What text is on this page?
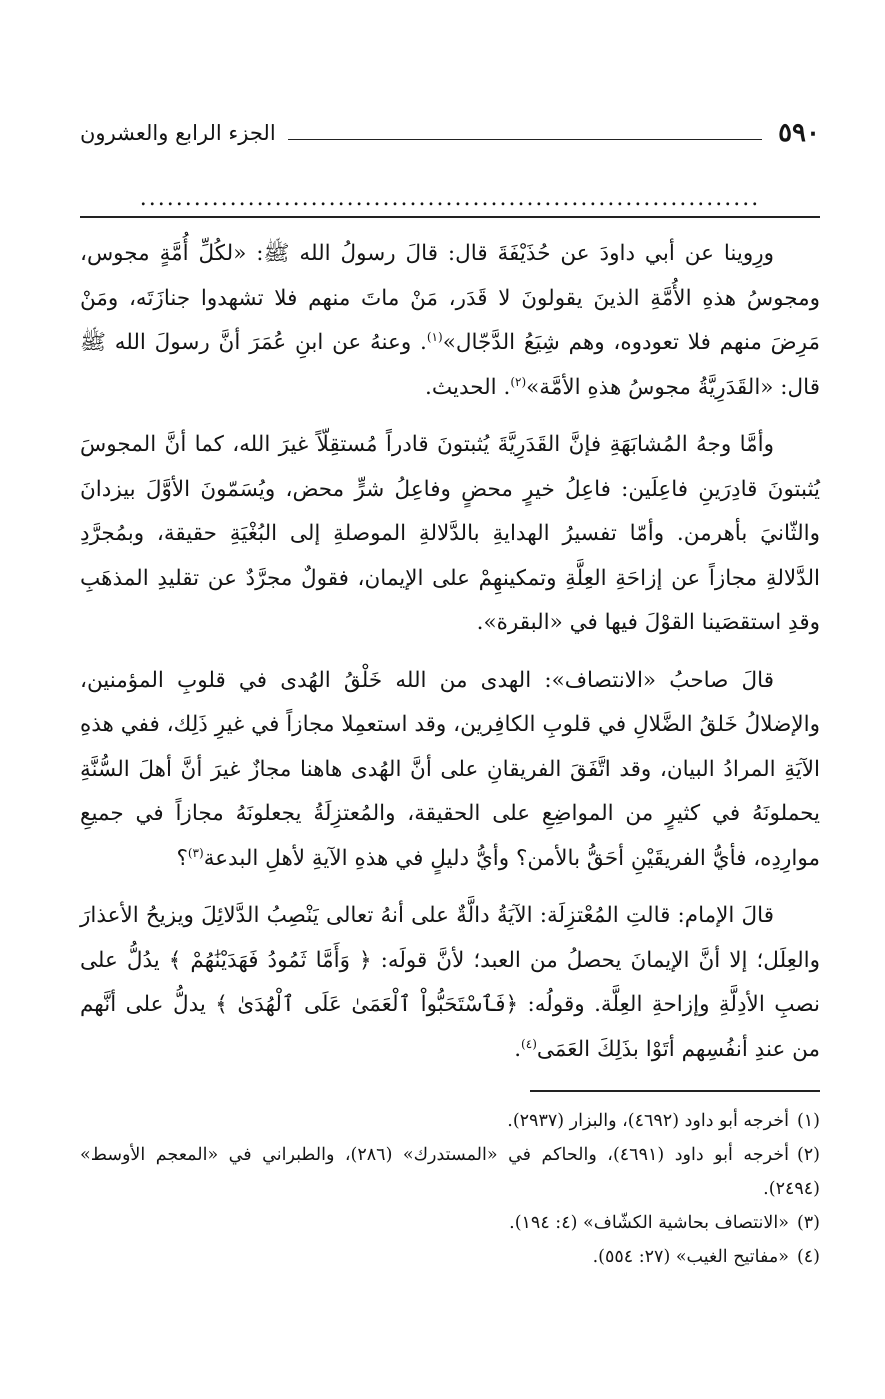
٥٩٠
الجزء الرابع والعشرون
.....................................................................

ورِوينا عن أبي داودَ عن حُذَيْفَةَ قال: قالَ رسولُ الله ﷺ: «لكُلِّ أُمَّةٍ مجوس، ومجوسُ هذهِ الأُمَّةِ الذينَ يقولونَ لا قَدَر، مَنْ ماتَ منهم فلا تشهدوا جنازَتَه، ومَنْ مَرِضَ منهم فلا تعودوه، وهم شِيَعُ الدَّجّال»$^{(١)}$. وعنهُ عن ابنِ عُمَرَ أنَّ رسولَ الله ﷺ قال: «القَدَرِيَّةُ مجوسُ هذهِ الأمَّة»$^{(٢)}$. الحديث.

وأمَّا وجهُ المُشابَهَةِ فإنَّ القَدَرِيَّةَ يُثبتونَ قادراً مُستقِلّاً غيرَ الله، كما أنَّ المجوسَ يُثبتونَ قادِرَينِ فاعِلَين: فاعِلُ خيرٍ محضٍ وفاعِلُ شرٍّ محض، ويُسَمّونَ الأوَّلَ بيزدانَ والثّانيَ بأهرمن. وأمّا تفسيرُ الهدايةِ بالدَّلالةِ الموصلةِ إلى البُغْيَةِ حقيقة، وبمُجرَّدِ الدَّلالةِ مجازاً عن إزاحَةِ العِلَّةِ وتمكينهِمْ على الإيمان، فقولٌ مجرَّدٌ عن تقليدِ المذهَبِ وقدِ استقصَينا القوْلَ فيها في «البقرة».

قالَ صاحبُ «الانتصاف»: الهدى من الله خَلْقُ الهُدى في قلوبِ المؤمنين، والإضلالُ خَلقُ الضَّلالِ في قلوبِ الكافِرين، وقد استعمِلا مجازاً في غيرِ ذَلِك، ففي هذهِ الآيَةِ المرادُ البيان، وقد اتَّفَقَ الفريقانِ على أنَّ الهُدى هاهنا مجازٌ غيرَ أنَّ أهلَ السُّنَّةِ يحملونَهُ في كثيرٍ من المواضِعِ على الحقيقة، والمُعتزِلَةُ يجعلونَهُ مجازاً في جميعِ موارِدِه، فأيُّ الفريقَيْنِ أحَقُّ بالأمن؟ وأيُّ دليلٍ في هذهِ الآيةِ لأهلِ البدعة$^{(٣)}$؟

قالَ الإمام: قالتِ المُعْتزِلَة: الآيَةُ دالَّةٌ على أنهُ تعالى يَنْصِبُ الدَّلائِلَ ويزيحُ الأعذارَ والعِلَل؛ إلا أنَّ الإيمانَ يحصلُ من العبد؛ لأنَّ قولَه: ﴿ وَأَمَّا ثَمُودُ فَهَدَيْنَٰهُمْ ﴾ يدُلُّ على نصبِ الأدِلَّةِ وإزاحةِ العِلَّة. وقولُه: ﴿فَٱسْتَحَبُّواْ ٱلْعَمَىٰ عَلَى ٱلْهُدَىٰ ﴾ يدلُّ على أنَّهم من عندِ أنفُسِهم أتَوْا بذَلِكَ العَمَى$^{(٤)}$.

(١)أخرجه أبو داود (٤٦٩٢)، والبزار (٢٩٣٧).

(٢)أخرجه أبو داود (٤٦٩١)، والحاكم في «المستدرك» (٢٨٦)، والطبراني في «المعجم الأوسط» (٢٤٩٤).

(٣)«الانتصاف بحاشية الكشّاف» (٤: ١٩٤).

(٤)«مفاتيح الغيب» (٢٧: ٥٥٤).
